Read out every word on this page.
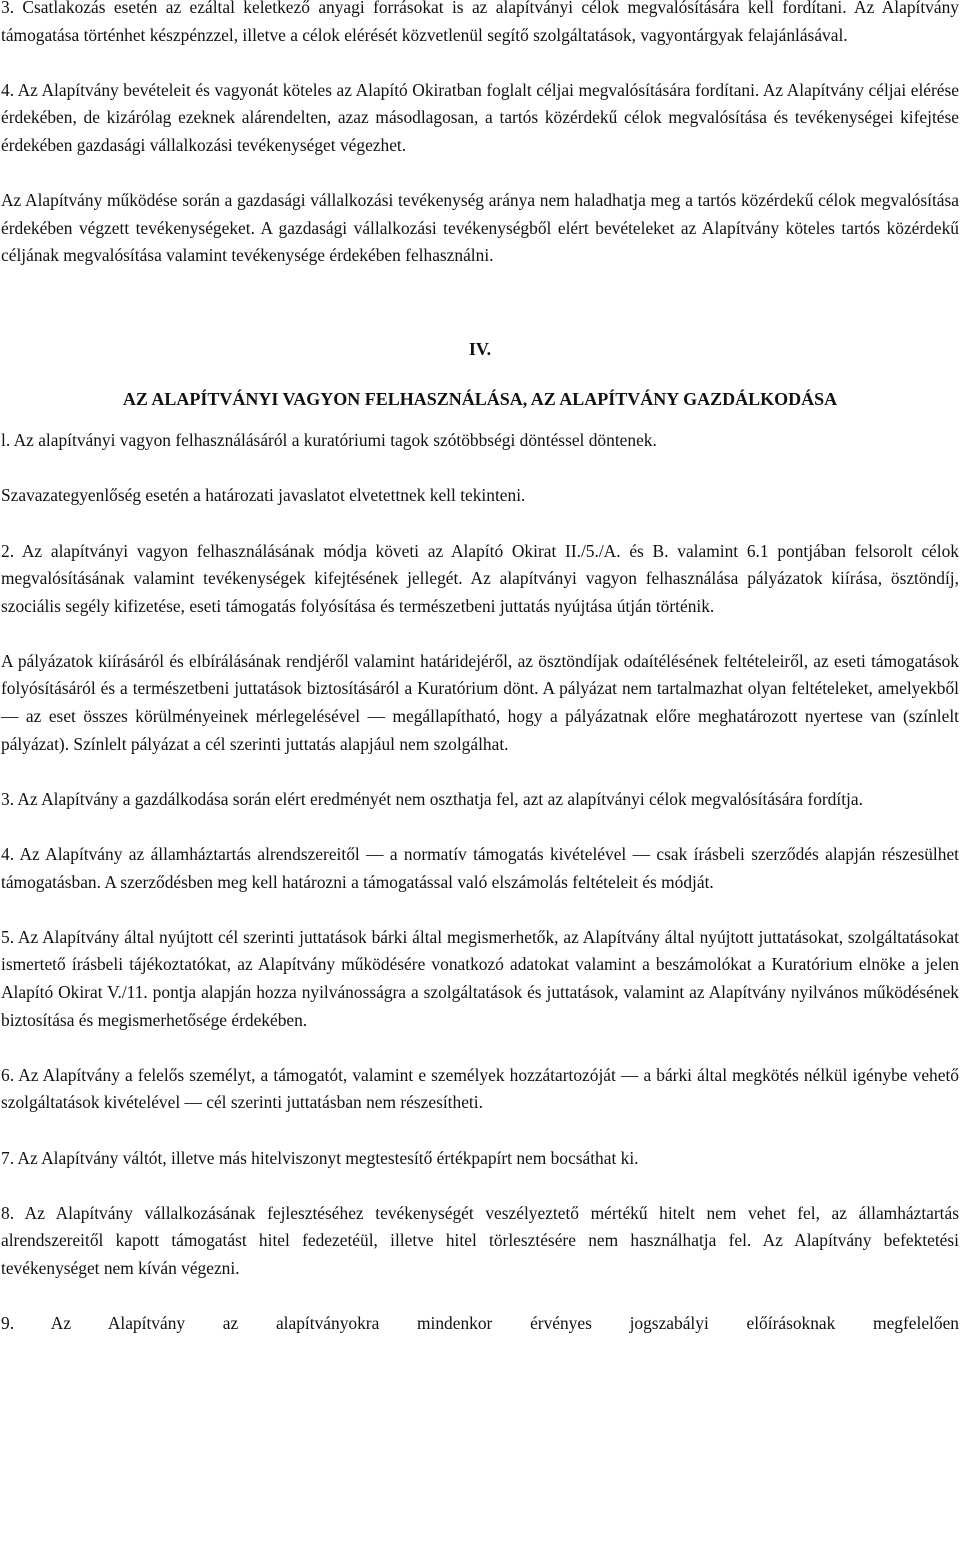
3. Csatlakozás esetén az ezáltal keletkező anyagi forrásokat is az alapítványi célok megvalósítására kell fordítani. Az Alapítvány támogatása történhet készpénzzel, illetve a célok elérését közvetlenül segítő szolgáltatások, vagyontárgyak felajánlásával.

4. Az Alapítvány bevételeit és vagyonát köteles az Alapító Okiratban foglalt céljai megvalósítására fordítani. Az Alapítvány céljai elérése érdekében, de kizárólag ezeknek alárendelten, azaz másodlagosan, a tartós közérdekű célok megvalósítása és tevékenységei kifejtése érdekében gazdasági vállalkozási tevékenységet végezhet.

Az Alapítvány működése során a gazdasági vállalkozási tevékenység aránya nem haladhatja meg a tartós közérdekű célok megvalósítása érdekében végzett tevékenységeket. A gazdasági vállalkozási tevékenységből elért bevételeket az Alapítvány köteles tartós közérdekű céljának megvalósítása valamint tevékenysége érdekében felhasználni.

IV.

AZ ALAPÍTVÁNYI VAGYON FELHASZNÁLÁSA, AZ ALAPÍTVÁNY GAZDÁLKODÁSA

l. Az alapítványi vagyon felhasználásáról a kuratóriumi tagok szótöbbségi döntéssel döntenek.

Szavazategyenlőség esetén a határozati javaslatot elvetettnek kell tekinteni.

2. Az alapítványi vagyon felhasználásának módja követi az Alapító Okirat II./5./A. és B. valamint 6.1 pontjában felsorolt célok megvalósításának valamint tevékenységek kifejtésének jellegét. Az alapítványi vagyon felhasználása pályázatok kiírása, ösztöndíj, szociális segély kifizetése, eseti támogatás folyósítása és természetbeni juttatás nyújtása útján történik.

A pályázatok kiírásáról és elbírálásának rendjéről valamint határidejéről, az ösztöndíjak odaítélésének feltételeiről, az eseti támogatások folyósításáról és a természetbeni juttatások biztosításáról a Kuratórium dönt. A pályázat nem tartalmazhat olyan feltételeket, amelyekből — az eset összes körülményeinek mérlegelésével — megállapítható, hogy a pályázatnak előre meghatározott nyertese van (színlelt pályázat). Színlelt pályázat a cél szerinti juttatás alapjául nem szolgálhat.

3. Az Alapítvány a gazdálkodása során elért eredményét nem oszthatja fel, azt az alapítványi célok megvalósítására fordítja.

4. Az Alapítvány az államháztartás alrendszereitől — a normatív támogatás kivételével — csak írásbeli szerződés alapján részesülhet támogatásban. A szerződésben meg kell határozni a támogatással való elszámolás feltételeit és módját.

5. Az Alapítvány által nyújtott cél szerinti juttatások bárki által megismerhetők, az Alapítvány által nyújtott juttatásokat, szolgáltatásokat ismertető írásbeli tájékoztatókat, az Alapítvány működésére vonatkozó adatokat valamint a beszámolókat a Kuratórium elnöke a jelen Alapító Okirat V./11. pontja alapján hozza nyilvánosságra a szolgáltatások és juttatások, valamint az Alapítvány nyilvános működésének biztosítása és megismerhetősége érdekében.

6. Az Alapítvány a felelős személyt, a támogatót, valamint e személyek hozzátartozóját — a bárki által megkötés nélkül igénybe vehető szolgáltatások kivételével — cél szerinti juttatásban nem részesítheti.

7. Az Alapítvány váltót, illetve más hitelviszonyt megtestesítő értékpapírt nem bocsáthat ki.

8. Az Alapítvány vállalkozásának fejlesztéséhez tevékenységét veszélyeztető mértékű hitelt nem vehet fel, az államháztartás alrendszereitől kapott támogatást hitel fedezetéül, illetve hitel törlesztésére nem használhatja fel. Az Alapítvány befektetési tevékenységet nem kíván végezni.

9. Az Alapítvány az alapítványokra mindenkor érvényes jogszabályi előírásoknak megfelelően
